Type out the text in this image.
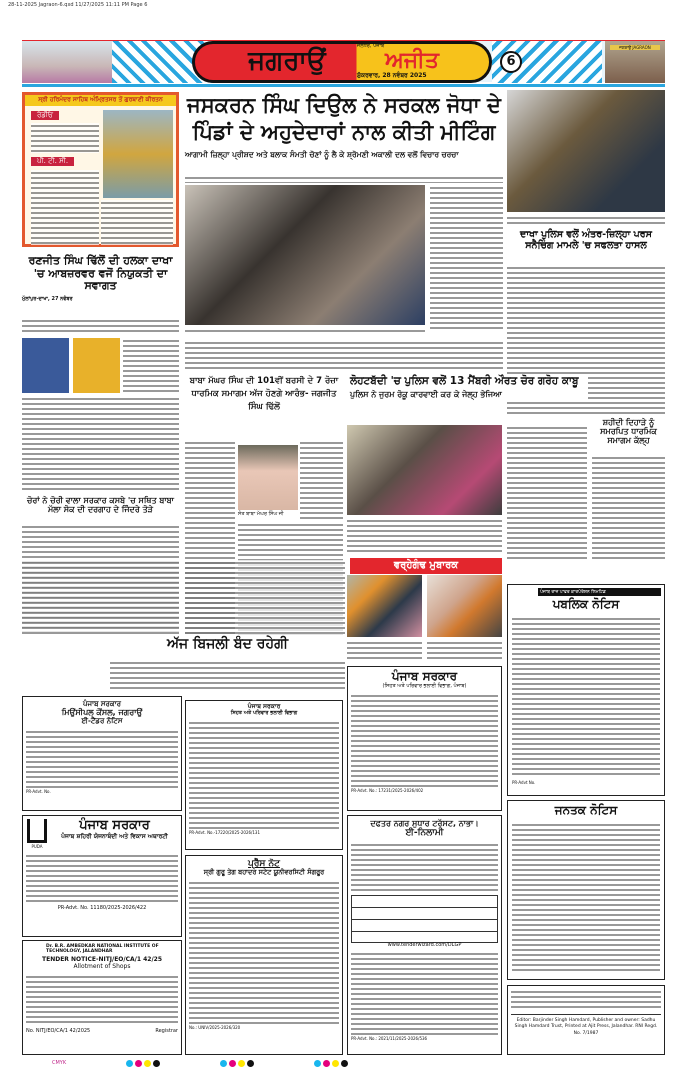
28-11-2025 Jagraon-6.qxd 11/27/2025 11:11 PM Page 6
ਜਗਰਾਉਂ	ਜਲੰਧਰ, ਪੰਜਾਬ
ਅਜੀਤ
ਸ਼ੁੱਕਰਵਾਰ, 28 ਨਵੰਬਰ 2025
6
ਜਗਰਾਉਂ JAGRAON
ਸ੍ਰੀ ਹਰਿਮੰਦਰ ਸਾਹਿਬ ਅੰਮ੍ਰਿਤਸਰ ਤੋਂ ਗੁਰਬਾਣੀ ਕੀਰਤਨ
ਰੇਡੀਓ
ਪੀ. ਟੀ. ਸੀ.
ਰਣਜੀਤ ਸਿੰਘ ਢਿੱਲੋਂ ਦੀ ਹਲਕਾ ਦਾਖਾ 'ਚ ਆਬਜ਼ਰਵਰ ਵਜੋਂ ਨਿਯੁਕਤੀ ਦਾ ਸਵਾਗਤ
ਮੁੱਲਾਂਪੁਰ-ਦਾਖਾ, 27 ਨਵੰਬਰ
ਚੋਰਾਂ ਨੇ ਚੋਰੀ ਵਾਲਾ ਸਰਕਾਰ ਕਸਬੇ 'ਚ ਸਥਿਤ ਬਾਬਾ ਮੱਲਾ ਸੋਕ ਦੀ ਦਰਗਾਹ ਦੇ ਜਿੰਦਰੇ ਤੋੜੇ
ਜਸਕਰਨ ਸਿੰਘ ਦਿਉਲ ਨੇ ਸਰਕਲ ਜੋਧਾ ਦੇ ਪਿੰਡਾਂ ਦੇ ਅਹੁਦੇਦਾਰਾਂ ਨਾਲ ਕੀਤੀ ਮੀਟਿੰਗ
ਆਗਾਮੀ ਜ਼ਿਲ੍ਹਾ ਪ੍ਰੀਸ਼ਦ ਅਤੇ ਬਲਾਕ ਸੰਮਤੀ ਚੋਣਾਂ ਨੂੰ ਲੈ ਕੇ ਸ਼੍ਰੋਮਣੀ ਅਕਾਲੀ ਦਲ ਵਲੋਂ ਵਿਚਾਰ ਚਰਚਾ
ਦਾਖਾ ਪੁਲਿਸ ਵਲੋਂ ਅੰਤਰ-ਜ਼ਿਲ੍ਹਾ ਪਰਸ ਸਨੈਚਿੰਗ ਮਾਮਲੇ 'ਚ ਸਫਲਤਾ ਹਾਸਲ
ਸ਼ਹੀਦੀ ਦਿਹਾੜੇ ਨੂੰ ਸਮਰਪਿਤ ਧਾਰਮਿਕ ਸਮਾਗਮ ਕੱਲ੍ਹ
ਬਾਬਾ ਮੱਘਰ ਸਿੰਘ ਦੀ 101ਵੀਂ ਬਰਸੀ ਦੇ 7 ਰੋਜ਼ਾ ਧਾਰਮਿਕ ਸਮਾਗਮ ਅੱਜ ਹੋਣਗੇ ਆਰੰਭ- ਜਗਜੀਤ ਸਿੰਘ ਢਿੱਲੋਂ
ਸੰਤ ਬਾਬਾ ਮੱਘਰ ਸਿੰਘ ਜੀ
ਲੋਹਟਬੱਦੀ 'ਚ ਪੁਲਿਸ ਵਲੋਂ 13 ਮੈਂਬਰੀ ਔਰਤ ਚੋਰ ਗਰੋਹ ਕਾਬੂ
ਪੁਲਿਸ ਨੇ ਜੁਰਮ ਰੋਕੂ ਕਾਰਵਾਈ ਕਰ ਕੇ ਜੇਲ੍ਹ ਭੇਜਿਆ
ਵਰ੍ਹੇਗੰਢ ਮੁਬਾਰਕ
ਅੱਜ ਬਿਜਲੀ ਬੰਦ ਰਹੇਗੀ
ਪੰਜਾਬ ਰਾਜ ਪਾਵਰ ਕਾਰਪੋਰੇਸ਼ਨ ਲਿਮਟਿਡ
ਪਬਲਿਕ ਨੋਟਿਸ
PR-Advt No.
ਜਨਤਕ ਨੋਟਿਸ
Editor: Barjinder Singh Hamdard, Publisher and owner: Sadhu Singh Hamdard Trust, Printed at Ajit Press, Jalandhar. RNI Regd. No. 7/1987
ਪੰਜਾਬ ਸਰਕਾਰ
ਮਿਉਂਸੀਪਲ ਕੌਂਸਲ, ਜਗਰਾਉਂ
ਈ-ਟੈਂਡਰ ਨੋਟਿਸ
PR-Advt. No.
PUDA
ਪੰਜਾਬ ਸਰਕਾਰ
ਪੰਜਾਬ ਸ਼ਹਿਰੀ ਯੋਜਨਾਬੰਦੀ ਅਤੇ ਵਿਕਾਸ ਅਥਾਰਟੀ
PR-Advt. No. 11180/2025-2026/422
Dr. B.R. AMBEDKAR NATIONAL INSTITUTE OF TECHNOLOGY, JALANDHAR
TENDER NOTICE-NITJ/EO/CA/1 42/25
Allotment of Shops
No. NITJ/EO/CA/1 42/2025	Registrar
ਪੰਜਾਬ ਸਰਕਾਰ
ਸਿਹਤ ਅਤੇ ਪਰਿਵਾਰ ਭਲਾਈ ਵਿਭਾਗ
PR-Advt. No.-17220/2025-2026/131
ਪ੍ਰੈੱਸ ਨੋਟ
ਸ੍ਰੀ ਗੁਰੂ ਤੇਗ ਬਹਾਦਰ ਸਟੇਟ ਯੂਨੀਵਰਸਿਟੀ ਸੰਗਰੂਰ
No.: UNIV/2025-2026/320
ਪੰਜਾਬ ਸਰਕਾਰ
(ਸਿਹਤ ਅਤੇ ਪਰਿਵਾਰ ਭਲਾਈ ਵਿਭਾਗ, ਪੰਜਾਬ)
PR-Advt. No.: 17231/2025-2026/402
ਦਫਤਰ ਨਗਰ ਸੁਧਾਰ ਟਰੱਸਟ, ਨਾਭਾ।
ਈ-ਨਿਲਾਮੀ
www.tenderwizard.com/DLGP
PR-Advt. No.: 2021/11/2025-2026/536
CMYK
